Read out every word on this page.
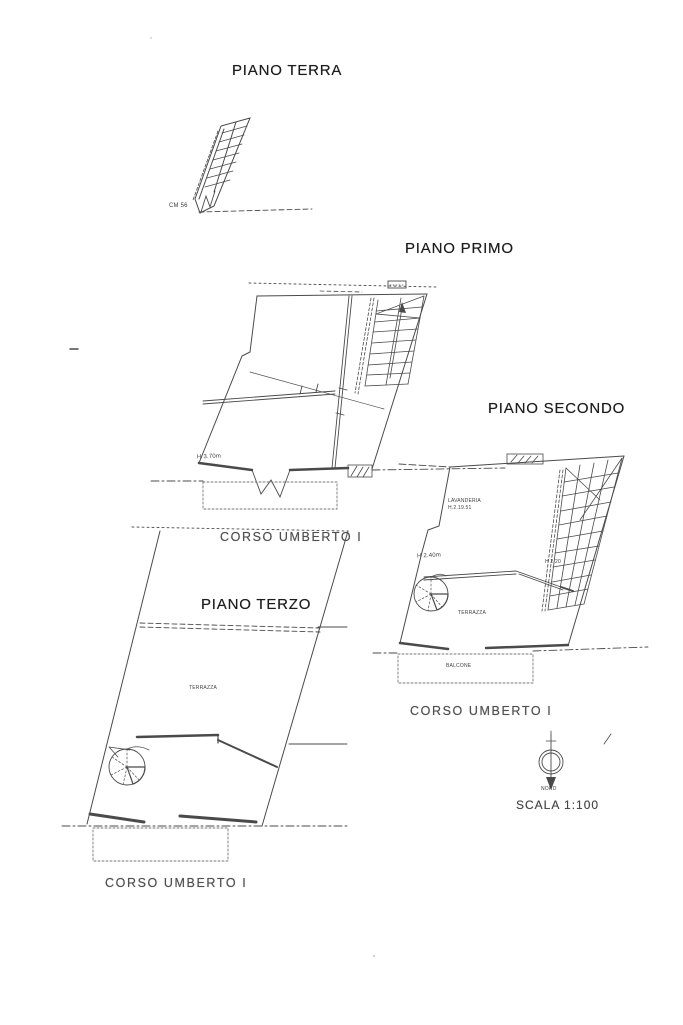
PIANO TERRA
CM 56
PIANO PRIMO
H 3.70m
CORSO UMBERTO I
PIANO SECONDO
LAVANDERIA
H.2.19.51
H 2.40m
H 2.20
TERRAZZA
BALCONE
CORSO UMBERTO I
PIANO TERZO
TERRAZZA
CORSO UMBERTO I
NORD
SCALA 1:100
